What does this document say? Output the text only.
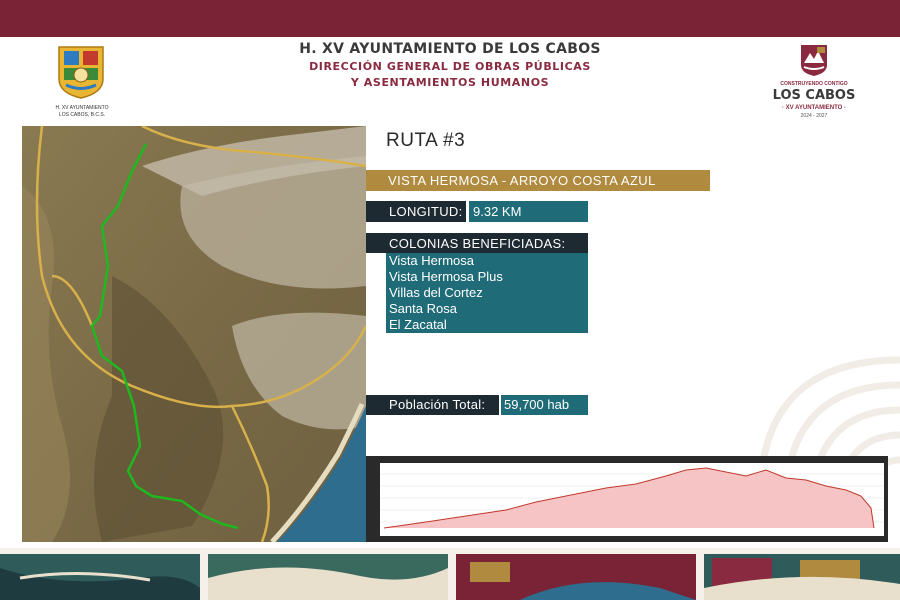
H. XV AYUNTAMIENTO
LOS CABOS, B.C.S.
H. XV AYUNTAMIENTO DE LOS CABOS
DIRECCIÓN GENERAL DE OBRAS PÚBLICAS
Y ASENTAMIENTOS HUMANOS	CONSTRUYENDO CONTIGO
LOS CABOS
· XV AYUNTAMIENTO ·
2024 - 2027
RUTA #3
VISTA HERMOSA - ARROYO COSTA AZUL
LONGITUD: 9.32 KM
COLONIAS BENEFICIADAS:
Vista Hermosa
Vista Hermosa Plus
Villas del Cortez
Santa Rosa
El Zacatal
Población Total:	59,700 hab
